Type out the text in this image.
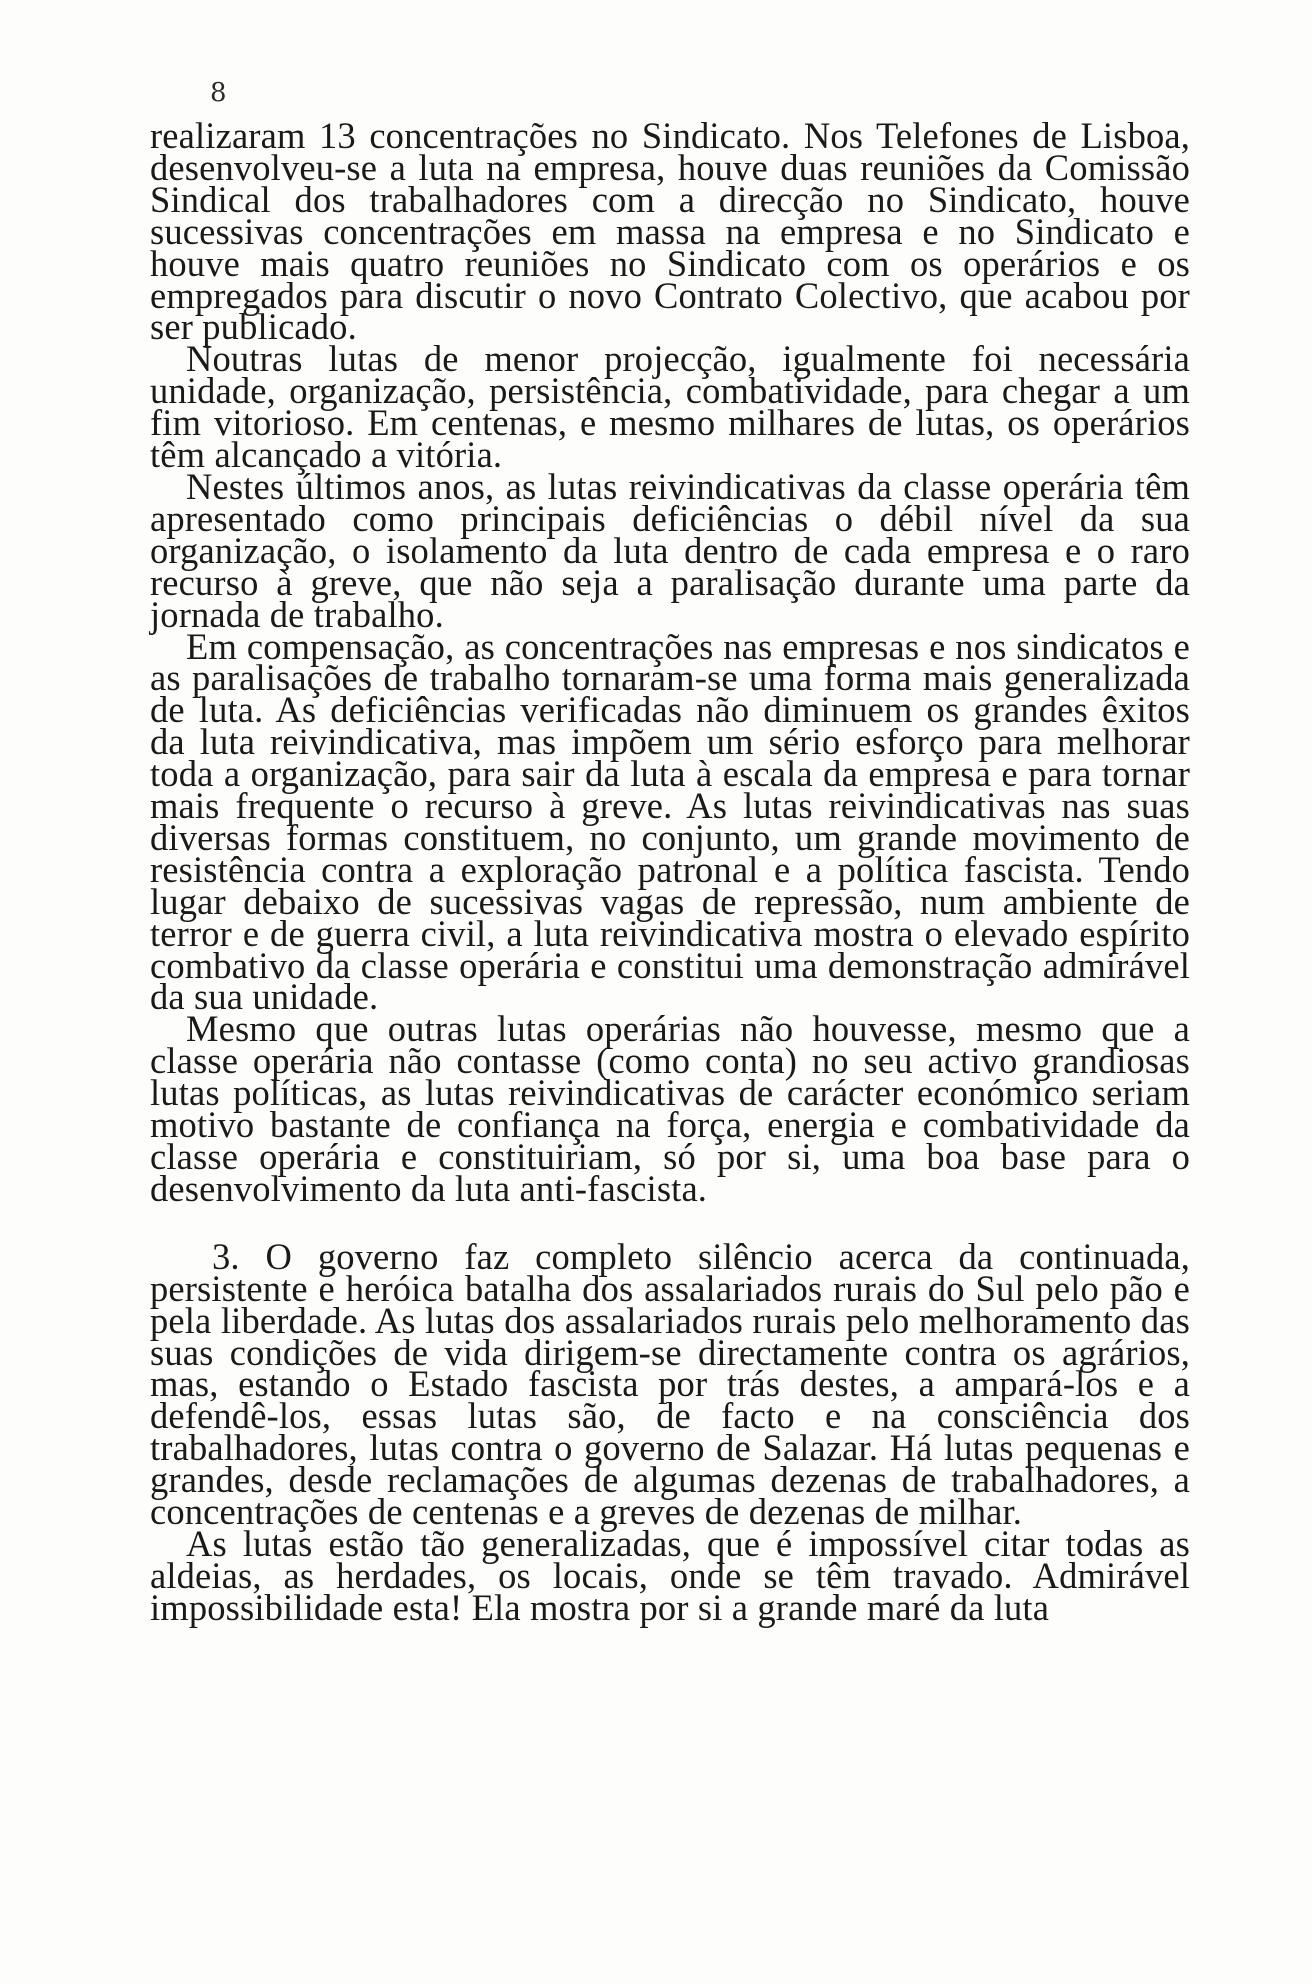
8

realizaram 13 concentrações no Sindicato. Nos Telefones de Lisboa, desenvolveu-se a luta na empresa, houve duas reuniões da Comissão Sindical dos trabalhadores com a direcção no Sindicato, houve sucessivas concentrações em massa na empresa e no Sindicato e houve mais quatro reuniões no Sindicato com os operários e os empregados para discutir o novo Contrato Colectivo, que acabou por ser publicado.

Noutras lutas de menor projecção, igualmente foi necessária unidade, organização, persistência, combatividade, para chegar a um fim vitorioso. Em centenas, e mesmo milhares de lutas, os operários têm alcançado a vitória.

Nestes últimos anos, as lutas reivindicativas da classe operária têm apresentado como principais deficiências o débil nível da sua organização, o isolamento da luta dentro de cada empresa e o raro recurso à greve, que não seja a paralisação durante uma parte da jornada de trabalho.

Em compensação, as concentrações nas empresas e nos sindicatos e as paralisações de trabalho tornaram-se uma forma mais generalizada de luta. As deficiências verificadas não diminuem os grandes êxitos da luta reivindicativa, mas impõem um sério esforço para melhorar toda a organização, para sair da luta à escala da empresa e para tornar mais frequente o recurso à greve. As lutas reivindicativas nas suas diversas formas constituem, no conjunto, um grande movimento de resistência contra a exploração patronal e a política fascista. Tendo lugar debaixo de sucessivas vagas de repressão, num ambiente de terror e de guerra civil, a luta reivindicativa mostra o elevado espírito combativo da classe operária e constitui uma demonstração admirável da sua unidade.

Mesmo que outras lutas operárias não houvesse, mesmo que a classe operária não contasse (como conta) no seu activo grandiosas lutas políticas, as lutas reivindicativas de carácter económico seriam motivo bastante de confiança na força, energia e combatividade da classe operária e constituiriam, só por si, uma boa base para o desenvolvimento da luta anti-fascista.

3. O governo faz completo silêncio acerca da continuada, persistente e heróica batalha dos assalariados rurais do Sul pelo pão e pela liberdade. As lutas dos assalariados rurais pelo melhoramento das suas condições de vida dirigem-se directamente contra os agrários, mas, estando o Estado fascista por trás destes, a ampará-los e a defendê-los, essas lutas são, de facto e na consciência dos trabalhadores, lutas contra o governo de Salazar. Há lutas pequenas e grandes, desde reclamações de algumas dezenas de trabalhadores, a concentrações de centenas e a greves de dezenas de milhar.

As lutas estão tão generalizadas, que é impossível citar todas as aldeias, as herdades, os locais, onde se têm travado. Admirável impossibilidade esta! Ela mostra por si a grande maré da luta
